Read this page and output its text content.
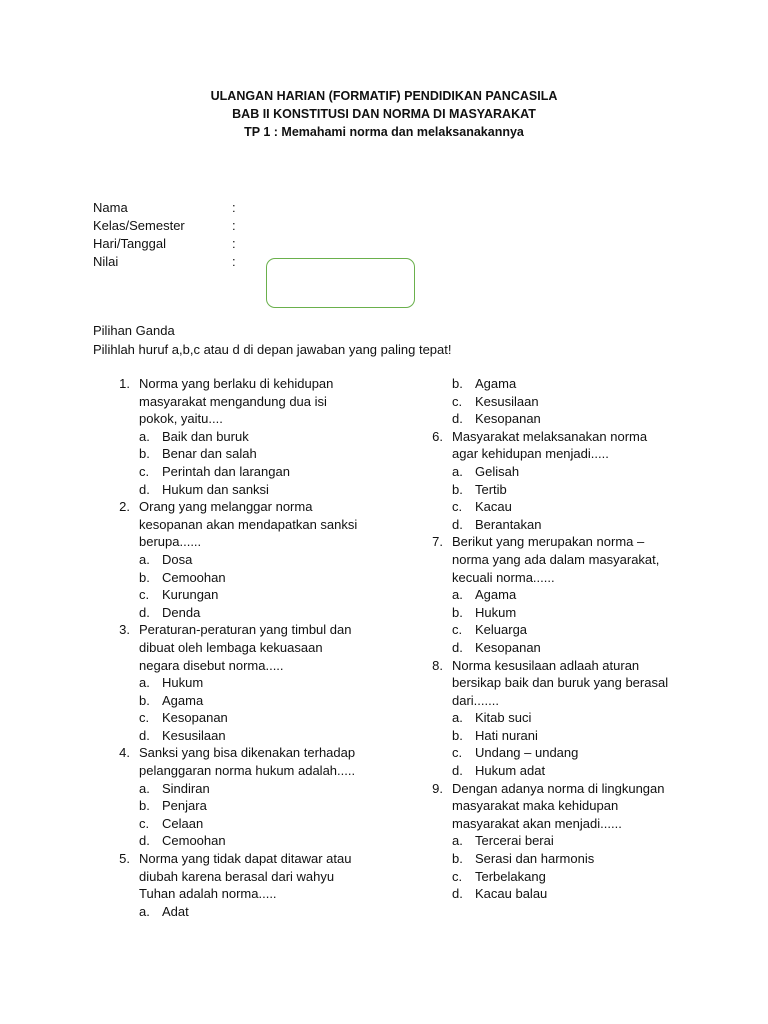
ULANGAN HARIAN (FORMATIF) PENDIDIKAN PANCASILA
BAB II KONSTITUSI DAN NORMA DI MASYARAKAT
TP 1 : Memahami norma dan melaksanakannya
Nama	:
Kelas/Semester	:
Hari/Tanggal	:
Nilai	:
Pilihan Ganda
Pilihlah huruf a,b,c atau d di depan jawaban yang paling tepat!
1. Norma yang berlaku di kehidupan
masyarakat mengandung dua isi
pokok, yaitu....
a. Baik dan buruk
b. Benar dan salah
c. Perintah dan larangan
d. Hukum dan sanksi
2. Orang yang melanggar norma
kesopanan akan mendapatkan sanksi
berupa......
a. Dosa
b. Cemoohan
c. Kurungan
d. Denda
3. Peraturan-peraturan yang timbul dan
dibuat oleh lembaga kekuasaan
negara disebut norma.....
a. Hukum
b. Agama
c. Kesopanan
d. Kesusilaan
4. Sanksi yang bisa dikenakan terhadap
pelanggaran norma hukum adalah.....
a. Sindiran
b. Penjara
c. Celaan
d. Cemoohan
5. Norma yang tidak dapat ditawar atau
diubah karena berasal dari wahyu
Tuhan adalah norma.....
a. Adat
b. Agama
c. Kesusilaan
d. Kesopanan
6. Masyarakat melaksanakan norma
agar kehidupan menjadi.....
a. Gelisah
b. Tertib
c. Kacau
d. Berantakan
7. Berikut yang merupakan norma –
norma yang ada dalam masyarakat,
kecuali norma......
a. Agama
b. Hukum
c. Keluarga
d. Kesopanan
8. Norma kesusilaan adlaah aturan
bersikap baik dan buruk yang berasal
dari.......
a. Kitab suci
b. Hati nurani
c. Undang – undang
d. Hukum adat
9. Dengan adanya norma di lingkungan
masyarakat maka kehidupan
masyarakat akan menjadi......
a. Tercerai berai
b. Serasi dan harmonis
c. Terbelakang
d. Kacau balau
